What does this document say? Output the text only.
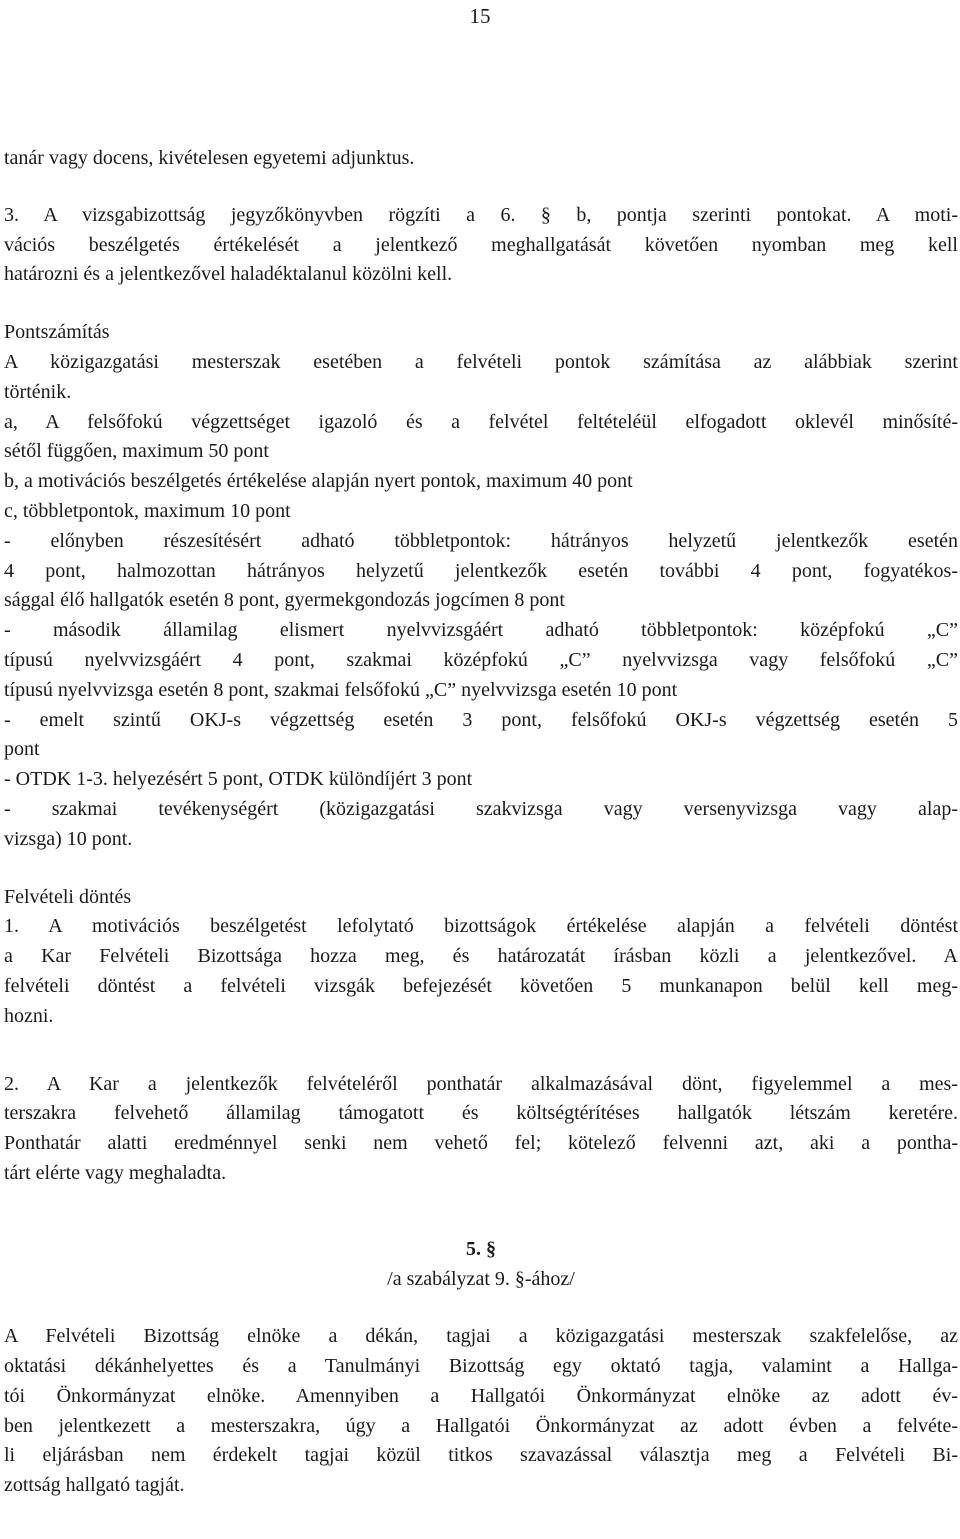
15

tanár vagy docens, kivételesen egyetemi adjunktus.

3. A vizsgabizottság jegyzőkönyvben rögzíti a 6. § b, pontja szerinti pontokat. A moti-

vációs beszélgetés értékelését a jelentkező meghallgatását követően nyomban meg kell

határozni és a jelentkezővel haladéktalanul közölni kell.

Pontszámítás

A közigazgatási mesterszak esetében a felvételi pontok számítása az alábbiak szerint

történik.

a, A felsőfokú végzettséget igazoló és a felvétel feltételéül elfogadott oklevél minősíté-

sétől függően, maximum 50 pont

b, a motivációs beszélgetés értékelése alapján nyert pontok, maximum 40 pont

c, többletpontok, maximum 10 pont

- előnyben részesítésért adható többletpontok: hátrányos helyzetű jelentkezők esetén

4 pont, halmozottan hátrányos helyzetű jelentkezők esetén további 4 pont, fogyatékos-

sággal élő hallgatók esetén 8 pont, gyermekgondozás jogcímen 8 pont

- második államilag elismert nyelvvizsgáért adható többletpontok: középfokú „C”

típusú nyelvvizsgáért 4 pont, szakmai középfokú „C” nyelvvizsga vagy felsőfokú „C”

típusú nyelvvizsga esetén 8 pont, szakmai felsőfokú „C” nyelvvizsga esetén 10 pont

- emelt szintű OKJ-s végzettség esetén 3 pont, felsőfokú OKJ-s végzettség esetén 5

pont

- OTDK 1-3. helyezésért 5 pont, OTDK különdíjért 3 pont

- szakmai tevékenységért (közigazgatási szakvizsga vagy versenyvizsga vagy alap-

vizsga) 10 pont.

Felvételi döntés

1. A motivációs beszélgetést lefolytató bizottságok értékelése alapján a felvételi döntést

a Kar Felvételi Bizottsága hozza meg, és határozatát írásban közli a jelentkezővel. A

felvételi döntést a felvételi vizsgák befejezését követően 5 munkanapon belül kell meg-

hozni.

2. A Kar a jelentkezők felvételéről ponthatár alkalmazásával dönt, figyelemmel a mes-

terszakra felvehető államilag támogatott és költségtérítéses hallgatók létszám keretére.

Ponthatár alatti eredménnyel senki nem vehető fel; kötelező felvenni azt, aki a pontha-

tárt elérte vagy meghaladta.

5. §

/a szabályzat 9. §-ához/

A Felvételi Bizottság elnöke a dékán, tagjai a közigazgatási mesterszak szakfelelőse, az

oktatási dékánhelyettes és a Tanulmányi Bizottság egy oktató tagja, valamint a Hallga-

tói Önkormányzat elnöke. Amennyiben a Hallgatói Önkormányzat elnöke az adott év-

ben jelentkezett a mesterszakra, úgy a Hallgatói Önkormányzat az adott évben a felvéte-

li eljárásban nem érdekelt tagjai közül titkos szavazással választja meg a Felvételi Bi-

zottság hallgató tagját.
